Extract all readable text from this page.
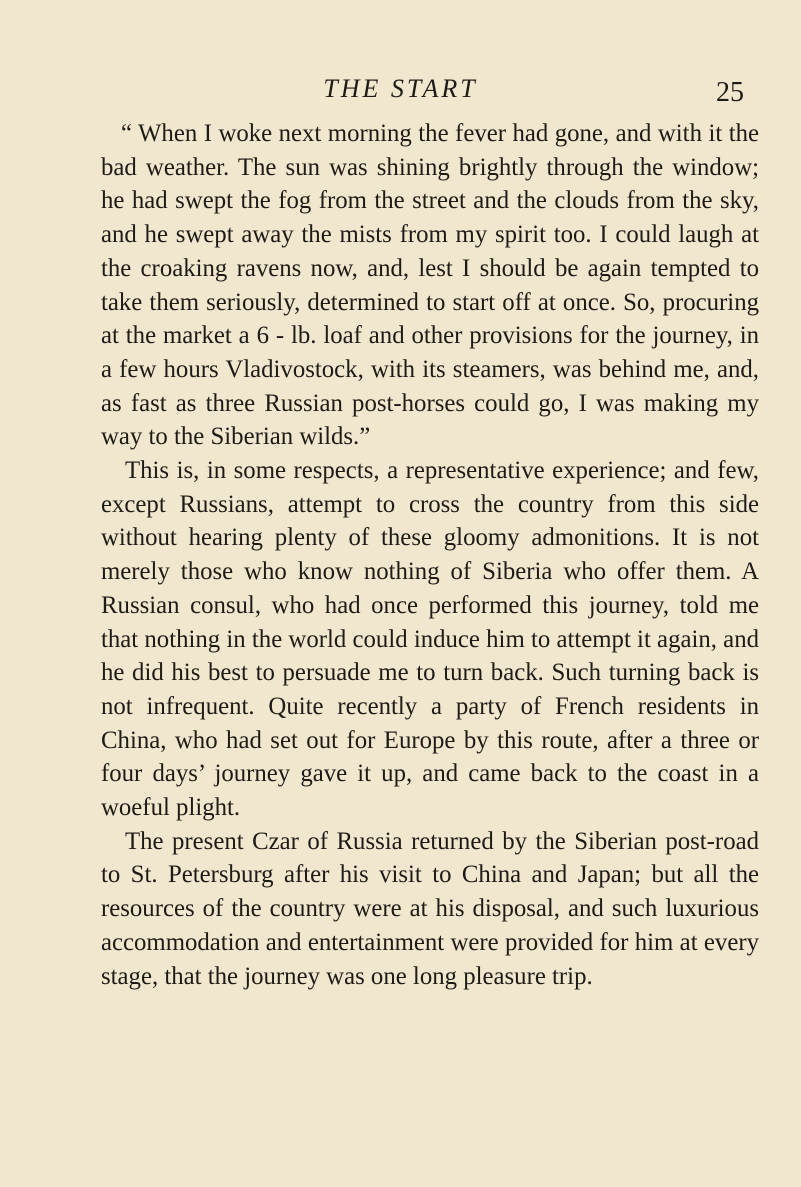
THE START	25

“ When I woke next morning the fever had gone, and with it the bad weather. The sun was shining brightly through the window; he had swept the fog from the street and the clouds from the sky, and he swept away the mists from my spirit too. I could laugh at the croaking ravens now, and, lest I should be again tempted to take them seriously, determined to start off at once. So, procuring at the market a 6 - lb. loaf and other provisions for the journey, in a few hours Vladivostock, with its steamers, was behind me, and, as fast as three Russian post-horses could go, I was making my way to the Siberian wilds.”

This is, in some respects, a representative experience; and few, except Russians, attempt to cross the country from this side without hearing plenty of these gloomy admonitions. It is not merely those who know nothing of Siberia who offer them. A Russian consul, who had once performed this journey, told me that nothing in the world could induce him to attempt it again, and he did his best to persuade me to turn back. Such turning back is not infrequent. Quite recently a party of French residents in China, who had set out for Europe by this route, after a three or four days’ journey gave it up, and came back to the coast in a woeful plight.

The present Czar of Russia returned by the Siberian post-road to St. Petersburg after his visit to China and Japan; but all the resources of the country were at his disposal, and such luxurious accommodation and entertainment were provided for him at every stage, that the journey was one long pleasure trip.
